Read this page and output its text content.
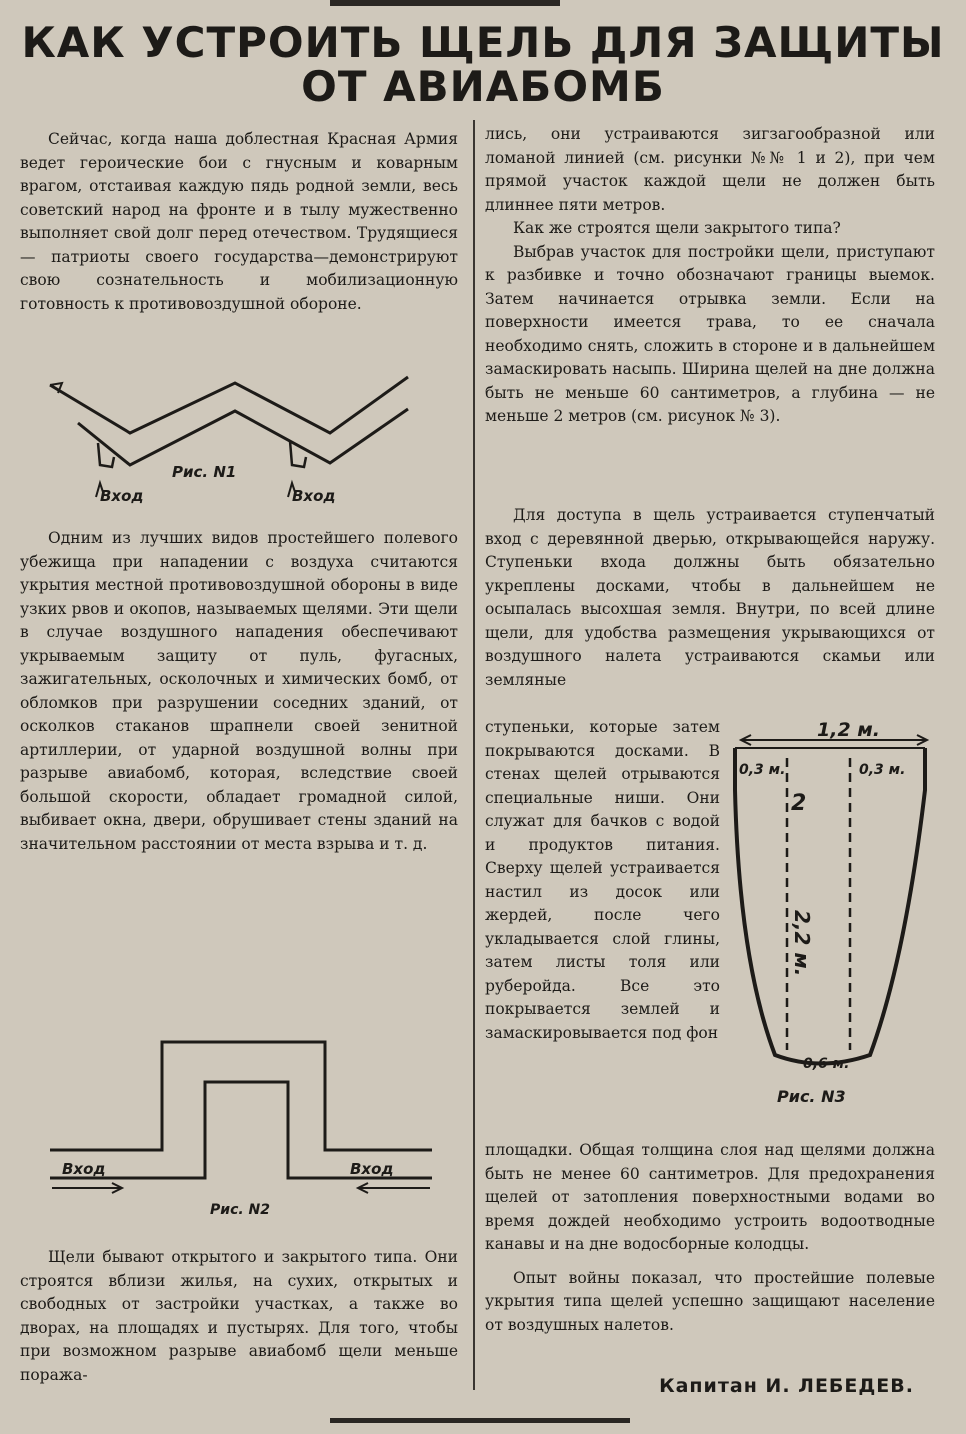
КАК УСТРОИТЬ ЩЕЛЬ ДЛЯ ЗАЩИТЫ
ОТ АВИАБОМБ

Сейчас, когда наша доблестная Красная Армия ведет героические бои с гнусным и коварным врагом, отстаивая каждую пядь родной земли, весь советский народ на фронте и в тылу мужественно выполняет свой долг перед отечеством. Трудящиеся— патриоты своего государства—демонстрируют свою сознательность и мобилизационную готовность к противовоздушной обороне.

Рис. N1
Вход	Вход

Одним из лучших видов простейшего полевого убежища при нападении с воздуха считаются укрытия местной противовоздушной обороны в виде узких рвов и окопов, называемых щелями. Эти щели в случае воздушного нападения обеспечивают укрываемым защиту от пуль, фугасных, зажигательных, осколочных и химических бомб, от обломков при разрушении соседних зданий, от осколков стаканов шрапнели своей зенитной артиллерии, от ударной воздушной волны при разрыве авиабомб, которая, вследствие своей большой скорости, обладает громадной силой, выбивает окна, двери, обрушивает стены зданий на значительном расстоянии от места взрыва и т. д.

Вход	Вход
Рис. N2

Щели бывают открытого и закрытого типа. Они строятся вблизи жилья, на сухих, открытых и свободных от застройки участках, а также во дворах, на площадях и пустырях. Для того, чтобы при возможном разрыве авиабомб щели меньше поража-

лись, они устраиваются зигзагообразной или ломаной линией (см. рисунки №№ 1 и 2), при чем прямой участок каждой щели не должен быть длиннее пяти метров.

Как же строятся щели закрытого типа?

Выбрав участок для постройки щели, приступают к разбивке и точно обозначают границы выемок. Затем начинается отрывка земли. Если на поверхности имеется трава, то ее сначала необходимо снять, сложить в стороне и в дальнейшем замаскировать насыпь. Ширина щелей на дне должна быть не меньше 60 сантиметров, а глубина — не меньше 2 метров (см. рисунок № 3).

Для доступа в щель устраивается ступенчатый вход с деревянной дверью, открывающейся наружу. Ступеньки входа должны быть обязательно укреплены досками, чтобы в дальнейшем не осыпалась высохшая земля. Внутри, по всей длине щели, для удобства размещения укрывающихся от воздушного налета устраиваются скамьи или земляные

ступеньки, которые затем покрываются досками. В стенах щелей отрываются специальные ниши. Они служат для бачков с водой и продуктов питания. Сверху щелей устраивается настил из досок или жердей, после чего укладывается слой глины, затем листы толя или руберойда. Все это покрывается землей и замаскировывается под фон

1,2 м.
0,3 м.	0,3 м.
2
2,2 м.
0,6 м.
Рис. N3

площадки. Общая толщина слоя над щелями должна быть не менее 60 сантиметров. Для предохранения щелей от затопления поверхностными водами во время дождей необходимо устроить водоотводные канавы и на дне водосборные колодцы.

Опыт войны показал, что простейшие полевые укрытия типа щелей успешно защищают население от воздушных налетов.

Капитан И. ЛЕБЕДЕВ.
